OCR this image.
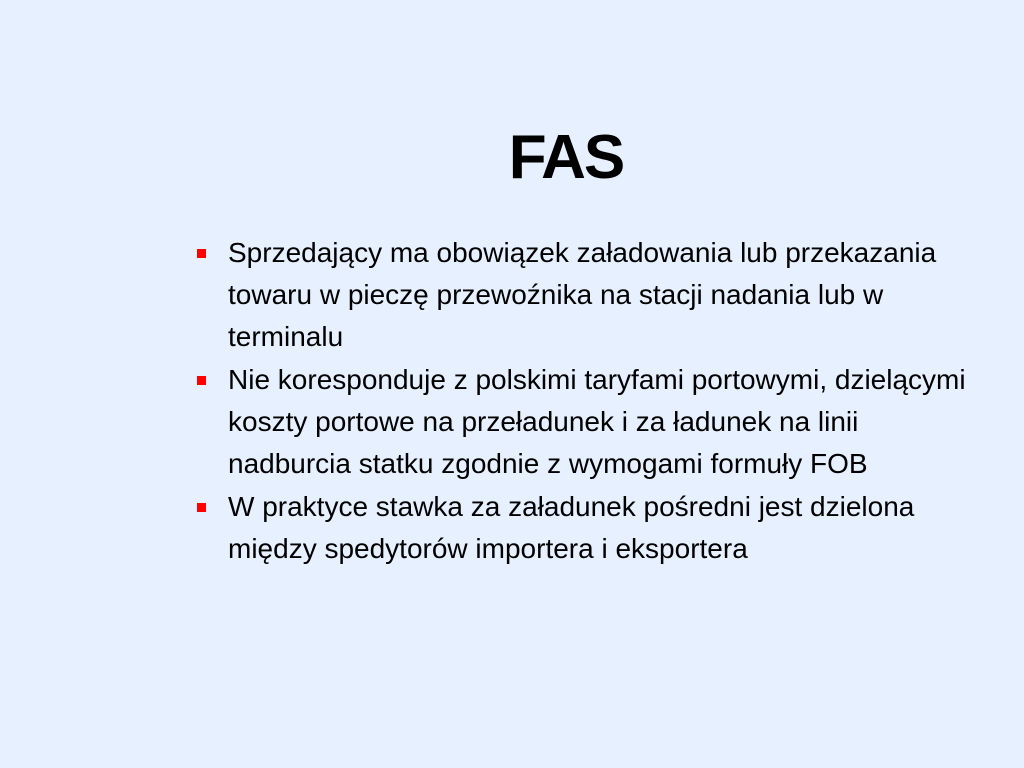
FAS
Sprzedający ma obowiązek załadowania lub przekazania towaru w pieczę przewoźnika na stacji nadania lub w terminalu
Nie koresponduje z polskimi taryfami portowymi, dzielącymi koszty portowe na przeładunek i za ładunek na linii nadburcia statku zgodnie z wymogami formuły FOB
W praktyce stawka za załadunek pośredni jest dzielona między spedytorów importera i eksportera
